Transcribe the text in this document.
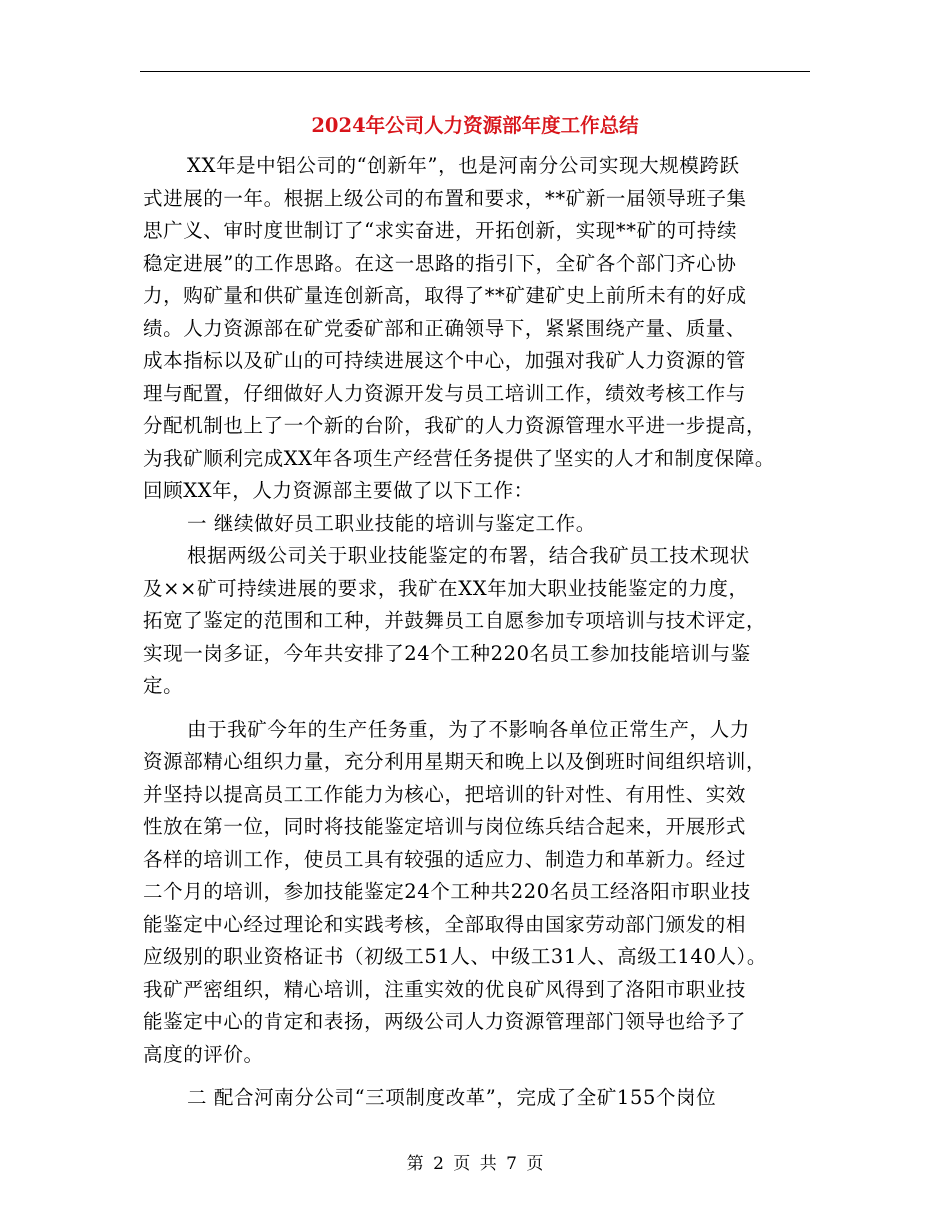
2024年公司人力资源部年度工作总结
XX年是中铝公司的“创新年”，也是河南分公司实现大规模跨跃
式进展的一年。根据上级公司的布置和要求，**矿新一届领导班子集
思广义、审时度世制订了“求实奋进，开拓创新，实现**矿的可持续
稳定进展”的工作思路。在这一思路的指引下，全矿各个部门齐心协
力，购矿量和供矿量连创新高，取得了**矿建矿史上前所未有的好成
绩。人力资源部在矿党委矿部和正确领导下，紧紧围绕产量、质量、
成本指标以及矿山的可持续进展这个中心，加强对我矿人力资源的管
理与配置，仔细做好人力资源开发与员工培训工作，绩效考核工作与
分配机制也上了一个新的台阶，我矿的人力资源管理水平进一步提高，
为我矿顺利完成XX年各项生产经营任务提供了坚实的人才和制度保障。
回顾XX年，人力资源部主要做了以下工作：
一 继续做好员工职业技能的培训与鉴定工作。
根据两级公司关于职业技能鉴定的布署，结合我矿员工技术现状
及××矿可持续进展的要求，我矿在XX年加大职业技能鉴定的力度，
拓宽了鉴定的范围和工种，并鼓舞员工自愿参加专项培训与技术评定，
实现一岗多证，今年共安排了24个工种220名员工参加技能培训与鉴
定。
由于我矿今年的生产任务重，为了不影响各单位正常生产，人力
资源部精心组织力量，充分利用星期天和晚上以及倒班时间组织培训，
并坚持以提高员工工作能力为核心，把培训的针对性、有用性、实效
性放在第一位，同时将技能鉴定培训与岗位练兵结合起来，开展形式
各样的培训工作，使员工具有较强的适应力、制造力和革新力。经过
二个月的培训，参加技能鉴定24个工种共220名员工经洛阳市职业技
能鉴定中心经过理论和实践考核，全部取得由国家劳动部门颁发的相
应级别的职业资格证书（初级工51人、中级工31人、高级工140人）。
我矿严密组织，精心培训，注重实效的优良矿风得到了洛阳市职业技
能鉴定中心的肯定和表扬，两级公司人力资源管理部门领导也给予了
高度的评价。
二 配合河南分公司“三项制度改革”，完成了全矿155个岗位
第 2 页 共 7 页
